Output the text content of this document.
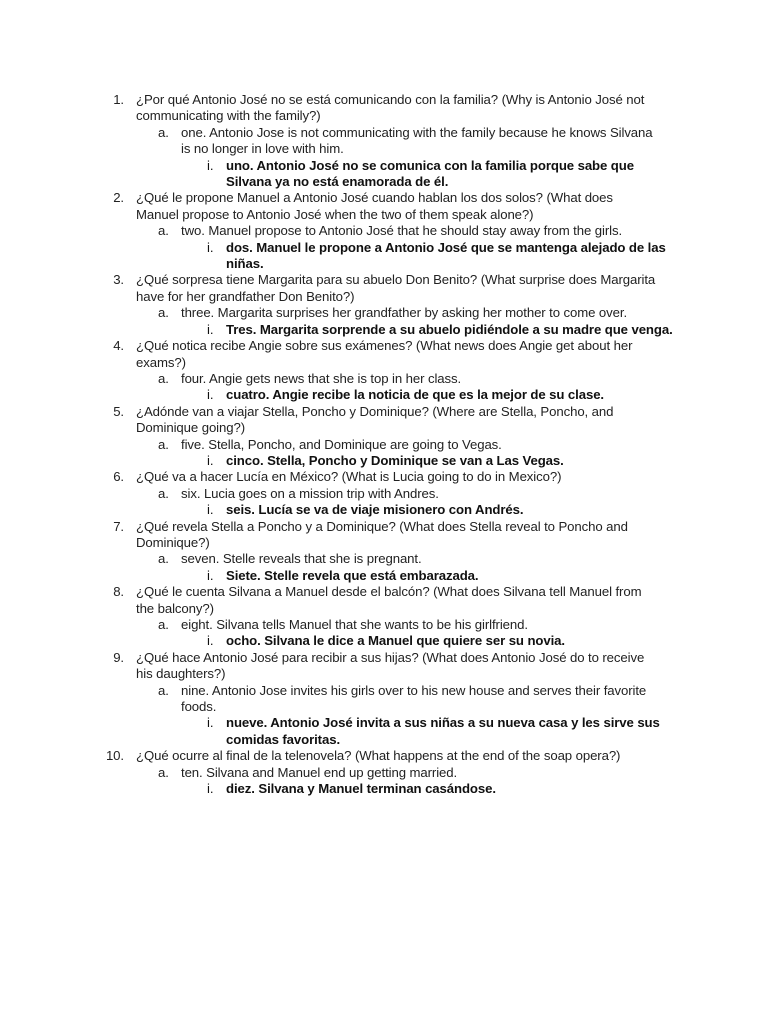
1. ¿Por qué Antonio José no se está comunicando con la familia? (Why is Antonio José not communicating with the family?)
a. one. Antonio Jose is not communicating with the family because he knows Silvana is no longer in love with him.
i. uno. Antonio José no se comunica con la familia porque sabe que Silvana ya no está enamorada de él.
2. ¿Qué le propone Manuel a Antonio José cuando hablan los dos solos? (What does Manuel propose to Antonio José when the two of them speak alone?)
a. two. Manuel propose to Antonio José that he should stay away from the girls.
i. dos. Manuel le propone a Antonio José que se mantenga alejado de las niñas.
3. ¿Qué sorpresa tiene Margarita para su abuelo Don Benito? (What surprise does Margarita have for her grandfather Don Benito?)
a. three. Margarita surprises her grandfather by asking her mother to come over.
i. Tres. Margarita sorprende a su abuelo pidiéndole a su madre que venga.
4. ¿Qué notica recibe Angie sobre sus exámenes? (What news does Angie get about her exams?)
a. four. Angie gets news that she is top in her class.
i. cuatro. Angie recibe la noticia de que es la mejor de su clase.
5. ¿Adónde van a viajar Stella, Poncho y Dominique? (Where are Stella, Poncho, and Dominique going?)
a. five. Stella, Poncho, and Dominique are going to Vegas.
i. cinco. Stella, Poncho y Dominique se van a Las Vegas.
6. ¿Qué va a hacer Lucía en México? (What is Lucia going to do in Mexico?)
a. six. Lucia goes on a mission trip with Andres.
i. seis. Lucía se va de viaje misionero con Andrés.
7. ¿Qué revela Stella a Poncho y a Dominique? (What does Stella reveal to Poncho and Dominique?)
a. seven. Stelle reveals that she is pregnant.
i. Siete. Stelle revela que está embarazada.
8. ¿Qué le cuenta Silvana a Manuel desde el balcón? (What does Silvana tell Manuel from the balcony?)
a. eight. Silvana tells Manuel that she wants to be his girlfriend.
i. ocho. Silvana le dice a Manuel que quiere ser su novia.
9. ¿Qué hace Antonio José para recibir a sus hijas? (What does Antonio José do to receive his daughters?)
a. nine. Antonio Jose invites his girls over to his new house and serves their favorite foods.
i. nueve. Antonio José invita a sus niñas a su nueva casa y les sirve sus comidas favoritas.
10. ¿Qué ocurre al final de la telenovela? (What happens at the end of the soap opera?)
a. ten. Silvana and Manuel end up getting married.
i. diez. Silvana y Manuel terminan casándose.
